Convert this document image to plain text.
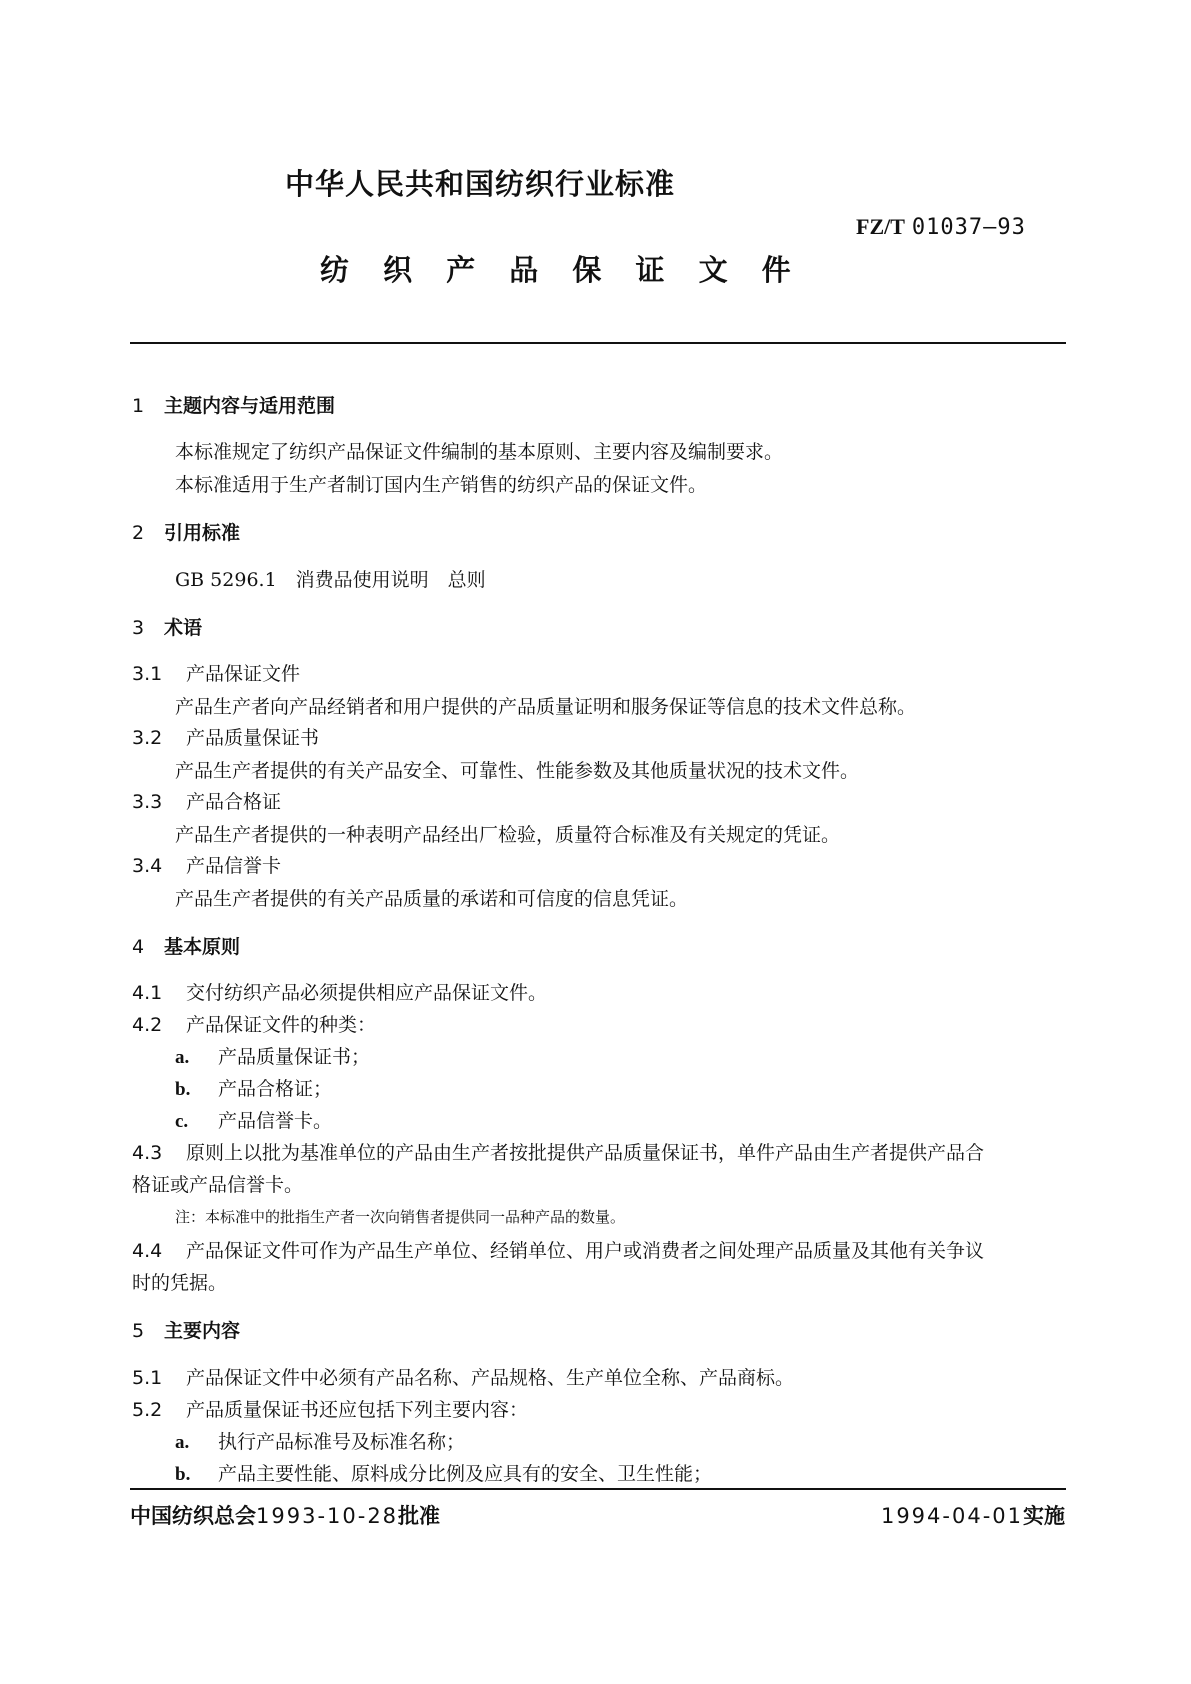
中华人民共和国纺织行业标准
FZ/T 01037—93
纺 织 产 品 保 证 文 件
1 主题内容与适用范围
本标准规定了纺织产品保证文件编制的基本原则、主要内容及编制要求。
本标准适用于生产者制订国内生产销售的纺织产品的保证文件。
2 引用标准
GB 5296.1　消费品使用说明　总则
3 术语
3.1 产品保证文件
产品生产者向产品经销者和用户提供的产品质量证明和服务保证等信息的技术文件总称。
3.2 产品质量保证书
产品生产者提供的有关产品安全、可靠性、性能参数及其他质量状况的技术文件。
3.3 产品合格证
产品生产者提供的一种表明产品经出厂检验，质量符合标准及有关规定的凭证。
3.4 产品信誉卡
产品生产者提供的有关产品质量的承诺和可信度的信息凭证。
4 基本原则
4.1 交付纺织产品必须提供相应产品保证文件。
4.2 产品保证文件的种类：
a. 产品质量保证书；
b. 产品合格证；
c. 产品信誉卡。
4.3 原则上以批为基准单位的产品由生产者按批提供产品质量保证书，单件产品由生产者提供产品合
格证或产品信誉卡。
注：本标准中的批指生产者一次向销售者提供同一品种产品的数量。
4.4 产品保证文件可作为产品生产单位、经销单位、用户或消费者之间处理产品质量及其他有关争议
时的凭据。
5 主要内容
5.1 产品保证文件中必须有产品名称、产品规格、生产单位全称、产品商标。
5.2 产品质量保证书还应包括下列主要内容：
a. 执行产品标准号及标准名称；
b. 产品主要性能、原料成分比例及应具有的安全、卫生性能；
中国纺织总会1993-10-28批准	1994-04-01实施
